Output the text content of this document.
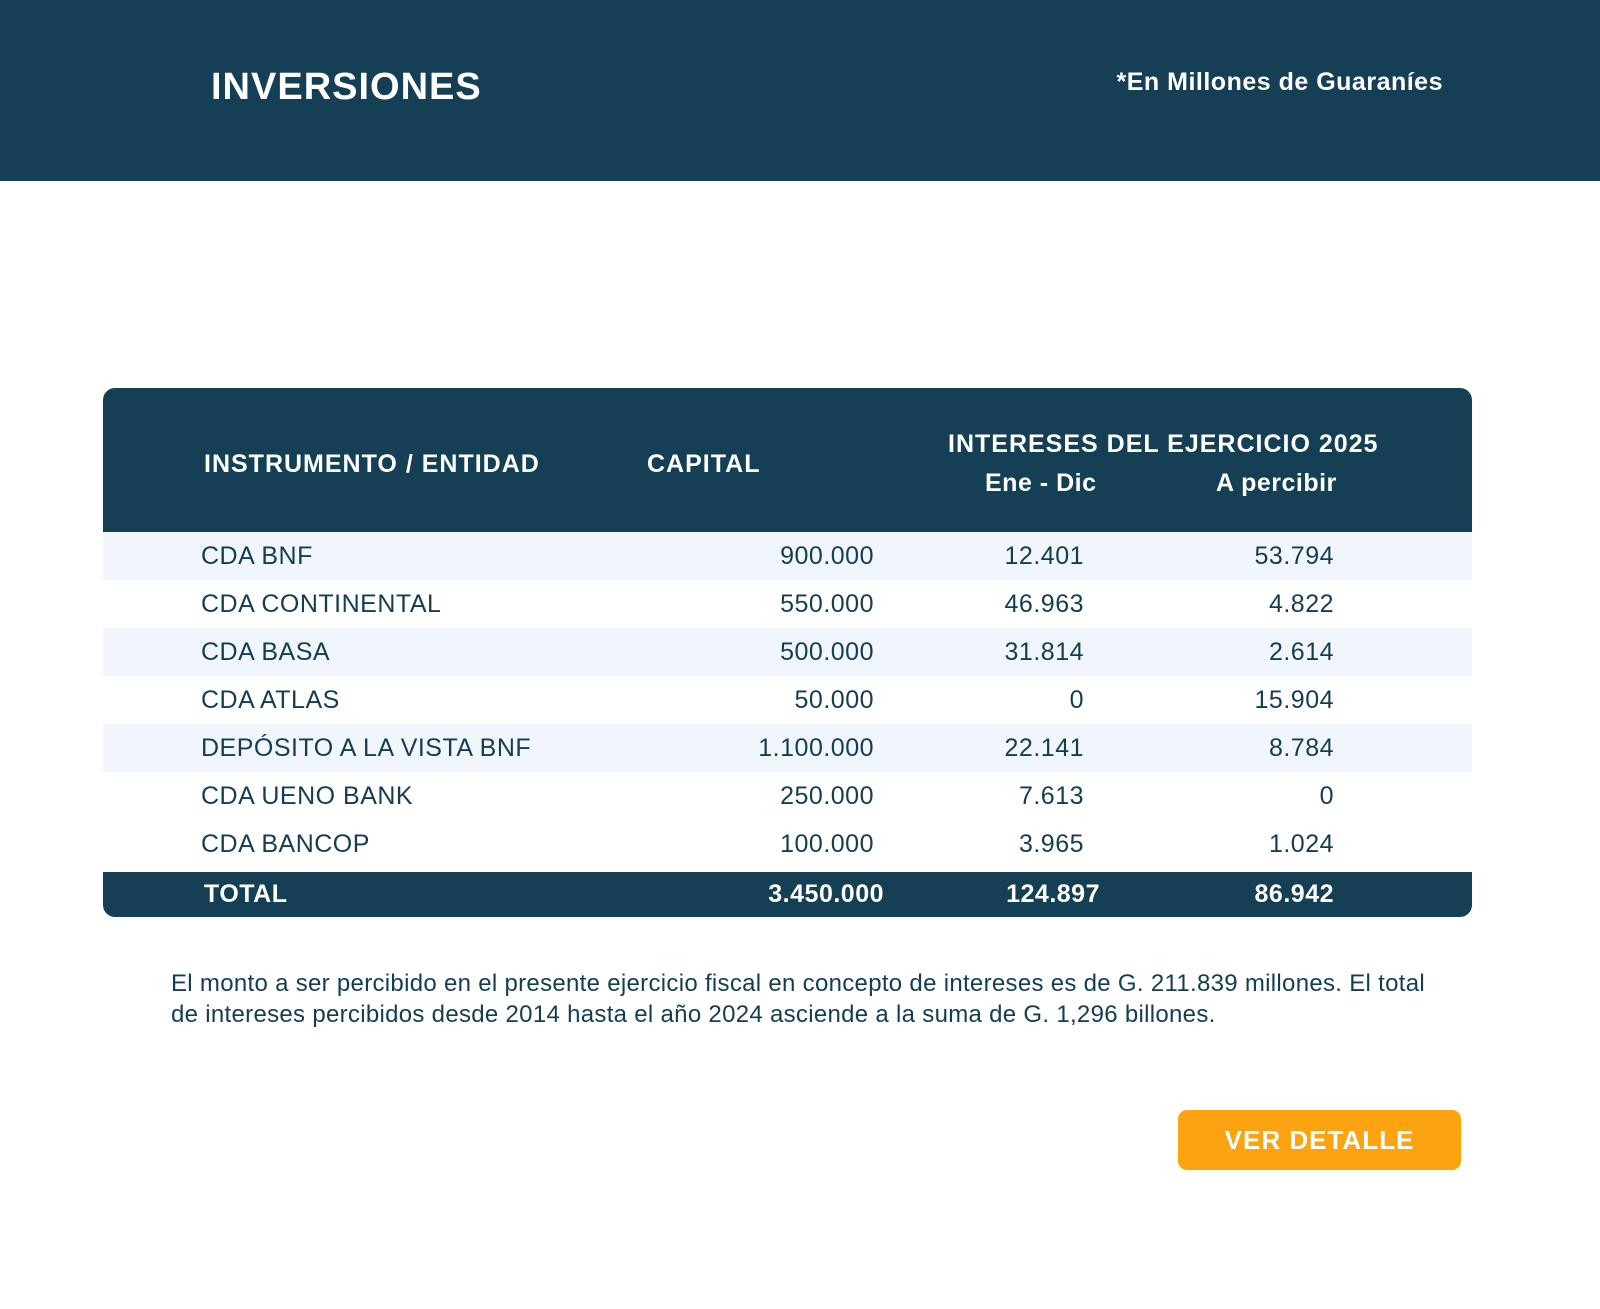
INVERSIONES	*En Millones de Guaraníes
INSTRUMENTO / ENTIDAD	CAPITAL
INTERESES DEL EJERCICIO 2025
Ene - Dic	A percibir
CDA BNF	900.000	12.401	53.794
CDA CONTINENTAL	550.000	46.963	4.822
CDA BASA	500.000	31.814	2.614
CDA ATLAS	50.000	0	15.904
DEPÓSITO A LA VISTA BNF	1.100.000	22.141	8.784
CDA UENO BANK	250.000	7.613	0
CDA BANCOP	100.000	3.965	1.024
TOTAL	3.450.000	124.897	86.942

El monto a ser percibido en el presente ejercicio fiscal en concepto de intereses es de G. 211.839 millones. El total de intereses percibidos desde 2014 hasta el año 2024 asciende a la suma de G. 1,296 billones.

VER DETALLE
